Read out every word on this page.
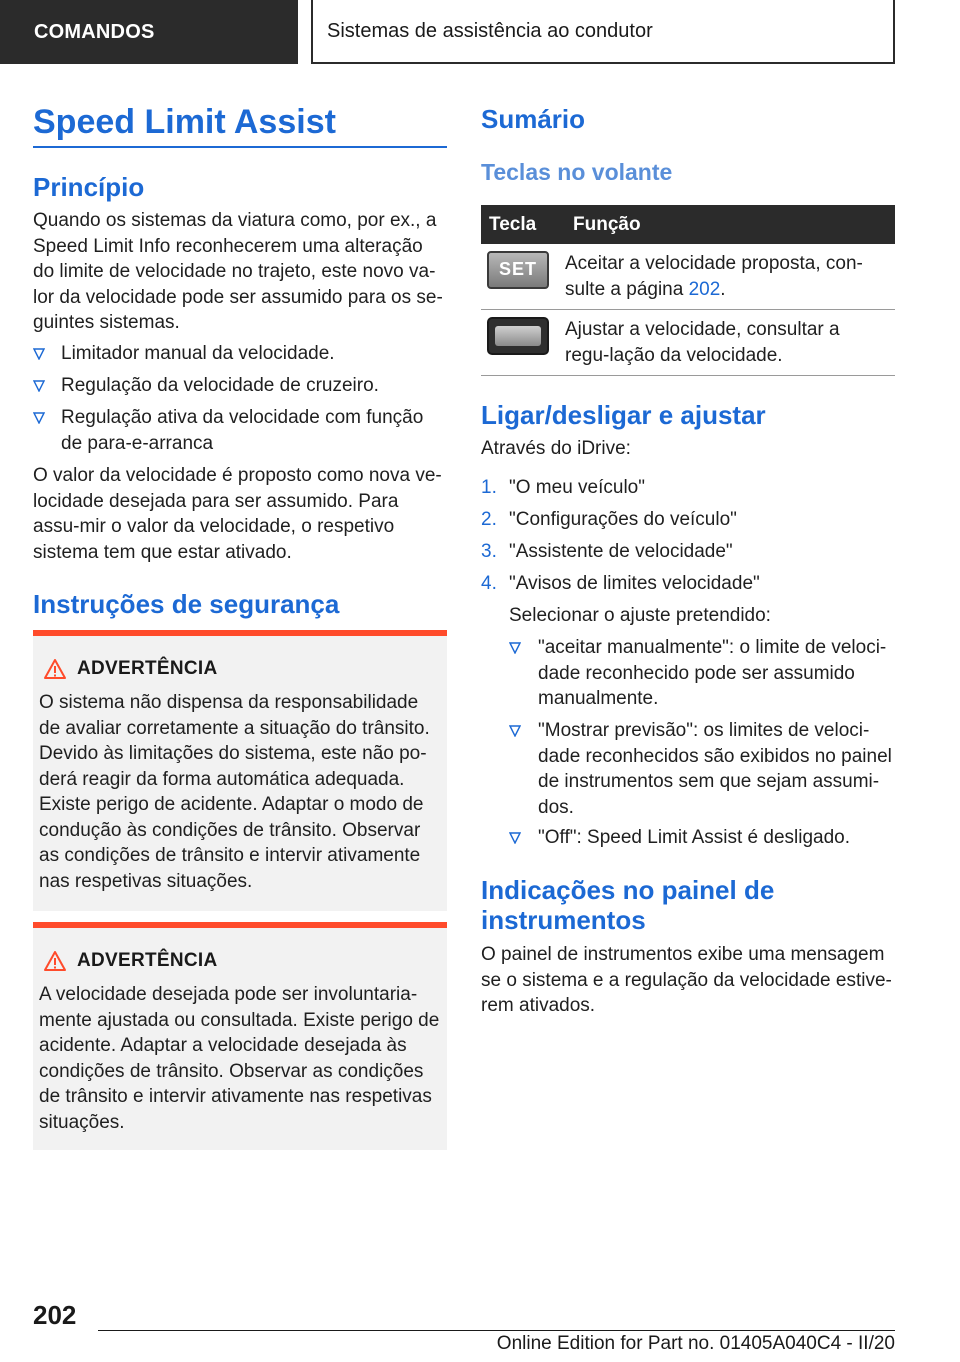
COMANDOS	Sistemas de assistência ao condutor
Speed Limit Assist
Princípio

Quando os sistemas da viatura como, por ex., a Speed Limit Info reconhecerem uma alteração do limite de velocidade no trajeto, este novo va-lor da velocidade pode ser assumido para os se-guintes sistemas.

Limitador manual da velocidade.
Regulação da velocidade de cruzeiro.
Regulação ativa da velocidade com função de para-e-arranca

O valor da velocidade é proposto como nova ve-locidade desejada para ser assumido. Para assu-mir o valor da velocidade, o respetivo sistema tem que estar ativado.

Instruções de segurança
ADVERTÊNCIA

O sistema não dispensa da responsabilidade de avaliar corretamente a situação do trânsito. Devido às limitações do sistema, este não po-derá reagir da forma automática adequada. Existe perigo de acidente. Adaptar o modo de condução às condições de trânsito. Observar as condições de trânsito e intervir ativamente nas respetivas situações.

ADVERTÊNCIA

A velocidade desejada pode ser involuntaria-mente ajustada ou consultada. Existe perigo de acidente. Adaptar a velocidade desejada às condições de trânsito. Observar as condições de trânsito e intervir ativamente nas respetivas situações.

Sumário
Teclas no volante
Tecla	Função

SET	Aceitar a velocidade proposta, con-sulte a página 202.

	Ajustar a velocidade, consultar a regu-lação da velocidade.
Ligar/desligar e ajustar

Através do iDrive:

1. "O meu veículo"
2. "Configurações do veículo"
3. "Assistente de velocidade"
4. "Avisos de limites velocidade"

Selecionar o ajuste pretendido:

"aceitar manualmente": o limite de veloci-dade reconhecido pode ser assumido manualmente.
"Mostrar previsão": os limites de veloci-dade reconhecidos são exibidos no painel de instrumentos sem que sejam assumi-dos.
"Off": Speed Limit Assist é desligado.
Indicações no painel de instrumentos

O painel de instrumentos exibe uma mensagem se o sistema e a regulação da velocidade estive-rem ativados.

202
Online Edition for Part no. 01405A040C4 - II/20
